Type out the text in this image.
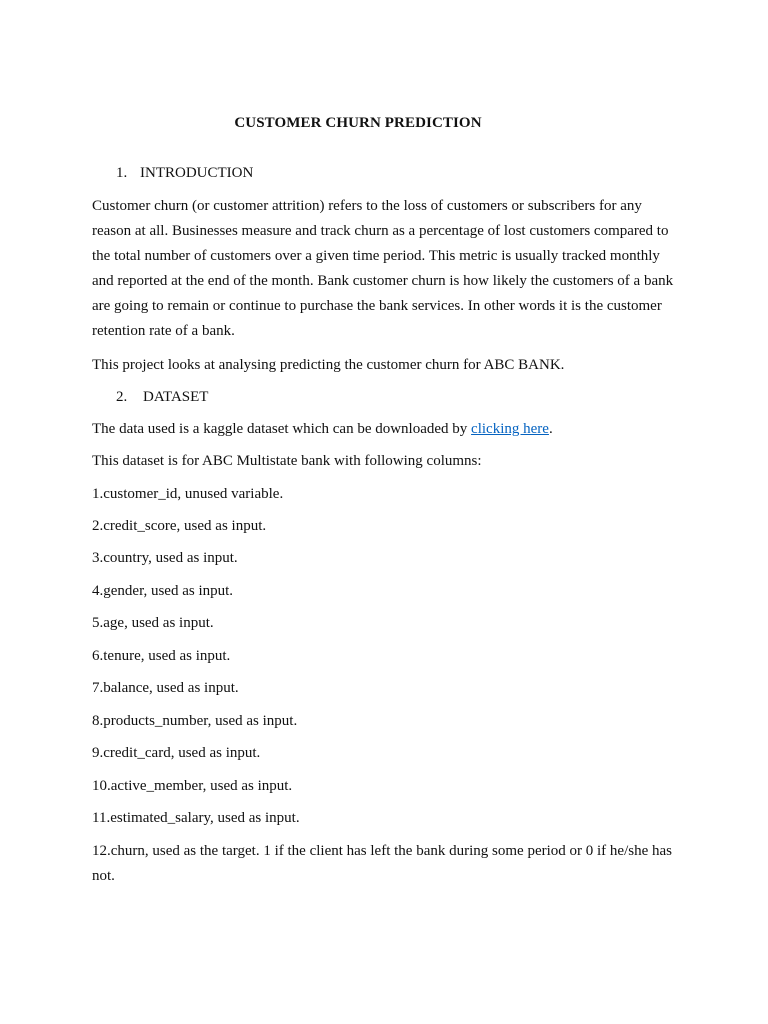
CUSTOMER CHURN PREDICTION
1. INTRODUCTION
Customer churn (or customer attrition) refers to the loss of customers or subscribers for any reason at all. Businesses measure and track churn as a percentage of lost customers compared to the total number of customers over a given time period. This metric is usually tracked monthly and reported at the end of the month. Bank customer churn is how likely the customers of a bank are going to remain or continue to purchase the bank services. In other words it is the customer retention rate of a bank.
This project looks at analysing predicting the customer churn for ABC BANK.
2. DATASET
The data used is a kaggle dataset which can be downloaded by clicking here.
This dataset is for ABC Multistate bank with following columns:
1.customer_id, unused variable.
2.credit_score, used as input.
3.country, used as input.
4.gender, used as input.
5.age, used as input.
6.tenure, used as input.
7.balance, used as input.
8.products_number, used as input.
9.credit_card, used as input.
10.active_member, used as input.
11.estimated_salary, used as input.
12.churn, used as the target. 1 if the client has left the bank during some period or 0 if he/she has not.
